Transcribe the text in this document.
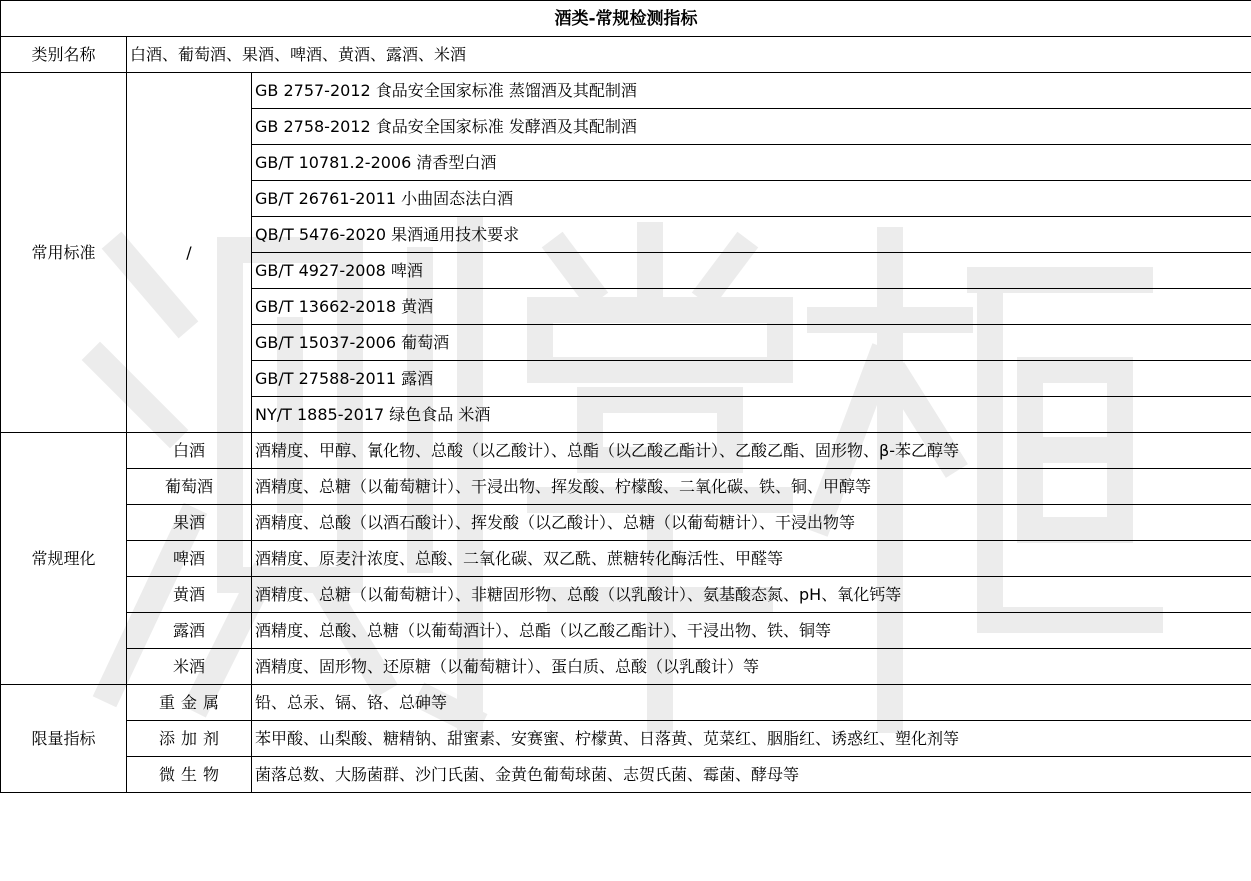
酒类-常规检测指标		
类别名称	白酒、葡萄酒、果酒、啤酒、黄酒、露酒、米酒	
常用标准	/	GB 2757-2012 食品安全国家标准 蒸馏酒及其配制酒
		GB 2758-2012 食品安全国家标准 发酵酒及其配制酒
		GB/T 10781.2-2006 清香型白酒
		GB/T 26761-2011 小曲固态法白酒
		QB/T 5476-2020 果酒通用技术要求
		GB/T 4927-2008 啤酒
		GB/T 13662-2018 黄酒
		GB/T 15037-2006 葡萄酒
		GB/T 27588-2011 露酒
		NY/T 1885-2017 绿色食品 米酒
常规理化	白酒	酒精度、甲醇、氰化物、总酸（以乙酸计）、总酯（以乙酸乙酯计）、乙酸乙酯、固形物、β-苯乙醇等
	葡萄酒	酒精度、总糖（以葡萄糖计）、干浸出物、挥发酸、柠檬酸、二氧化碳、铁、铜、甲醇等
	果酒	酒精度、总酸（以酒石酸计）、挥发酸（以乙酸计）、总糖（以葡萄糖计）、干浸出物等
	啤酒	酒精度、原麦汁浓度、总酸、二氧化碳、双乙酰、蔗糖转化酶活性、甲醛等
	黄酒	酒精度、总糖（以葡萄糖计）、非糖固形物、总酸（以乳酸计）、氨基酸态氮、pH、氧化钙等
	露酒	酒精度、总酸、总糖（以葡萄酒计）、总酯（以乙酸乙酯计）、干浸出物、铁、铜等
	米酒	酒精度、固形物、还原糖（以葡萄糖计）、蛋白质、总酸（以乳酸计）等
限量指标	重金属	铅、总汞、镉、铬、总砷等
	添加剂	苯甲酸、山梨酸、糖精钠、甜蜜素、安赛蜜、柠檬黄、日落黄、苋菜红、胭脂红、诱惑红、塑化剂等
	微生物	菌落总数、大肠菌群、沙门氏菌、金黄色葡萄球菌、志贺氏菌、霉菌、酵母等
